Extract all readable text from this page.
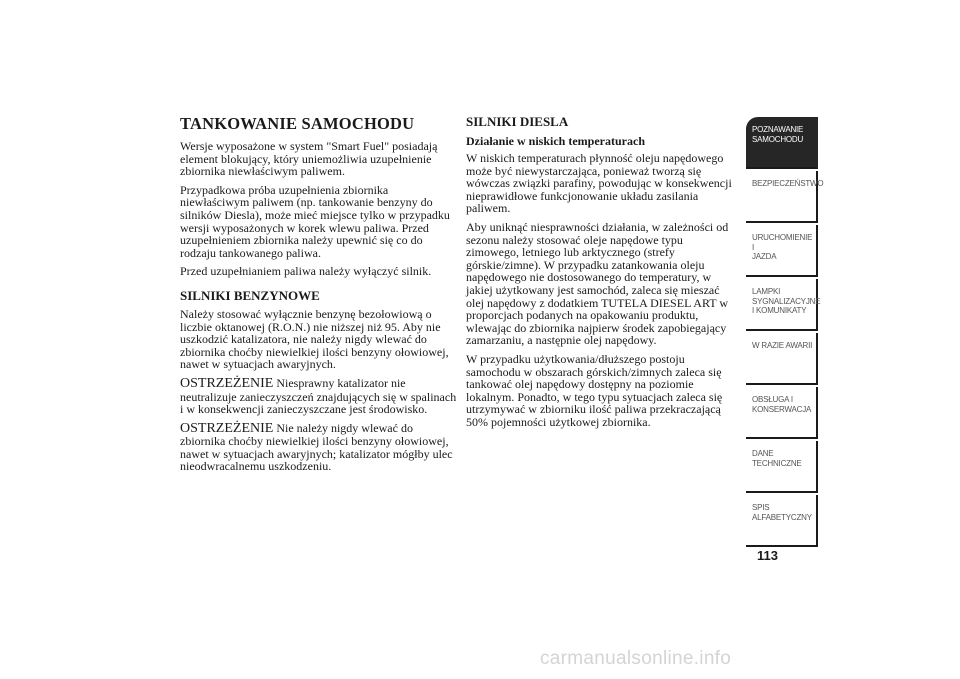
TANKOWANIE SAMOCHODU

Wersje wyposażone w system "Smart Fuel" posiadają element blokujący, który uniemożliwia uzupełnienie zbiornika niewłaściwym paliwem.

Przypadkowa próba uzupełnienia zbiornika niewłaściwym paliwem (np. tankowanie benzyny do silników Diesla), może mieć miejsce tylko w przypadku wersji wyposażonych w korek wlewu paliwa. Przed uzupełnieniem zbiornika należy upewnić się co do rodzaju tankowanego paliwa.

Przed uzupełnianiem paliwa należy wyłączyć silnik.

SILNIKI BENZYNOWE

Należy stosować wyłącznie benzynę bezołowiową o liczbie oktanowej (R.O.N.) nie niższej niż 95. Aby nie uszkodzić katalizatora, nie należy nigdy wlewać do zbiornika choćby niewielkiej ilości benzyny ołowiowej, nawet w sytuacjach awaryjnych.

OSTRZEŻENIE Niesprawny katalizator nie neutralizuje zanieczyszczeń znajdujących się w spalinach i w konsekwencji zanieczyszczane jest środowisko.

OSTRZEŻENIE Nie należy nigdy wlewać do zbiornika choćby niewielkiej ilości benzyny ołowiowej, nawet w sytuacjach awaryjnych; katalizator mógłby ulec nieodwracalnemu uszkodzeniu.

SILNIKI DIESLA
Działanie w niskich temperaturach

W niskich temperaturach płynność oleju napędowego może być niewystarczająca, ponieważ tworzą się wówczas związki parafiny, powodując w konsekwencji nieprawidłowe funkcjonowanie układu zasilania paliwem.

Aby uniknąć niesprawności działania, w zależności od sezonu należy stosować oleje napędowe typu zimowego, letniego lub arktycznego (strefy górskie/zimne). W przypadku zatankowania oleju napędowego nie dostosowanego do temperatury, w jakiej użytkowany jest samochód, zaleca się mieszać olej napędowy z dodatkiem TUTELA DIESEL ART w proporcjach podanych na opakowaniu produktu, wlewając do zbiornika najpierw środek zapobiegający zamarzaniu, a następnie olej napędowy.

W przypadku użytkowania/dłuższego postoju samochodu w obszarach górskich/zimnych zaleca się tankować olej napędowy dostępny na poziomie lokalnym. Ponadto, w tego typu sytuacjach zaleca się utrzymywać w zbiorniku ilość paliwa przekraczającą 50% pojemności użytkowej zbiornika.

POZNAWANIE
SAMOCHODU
BEZPIECZEŃSTWO
URUCHOMIENIE I
JAZDA
LAMPKI
SYGNALIZACYJNE
I KOMUNIKATY
W RAZIE AWARII
OBSŁUGA I
KONSERWACJA
DANE
TECHNICZNE
SPIS
ALFABETYCZNY
113
carmanualsonline.info
